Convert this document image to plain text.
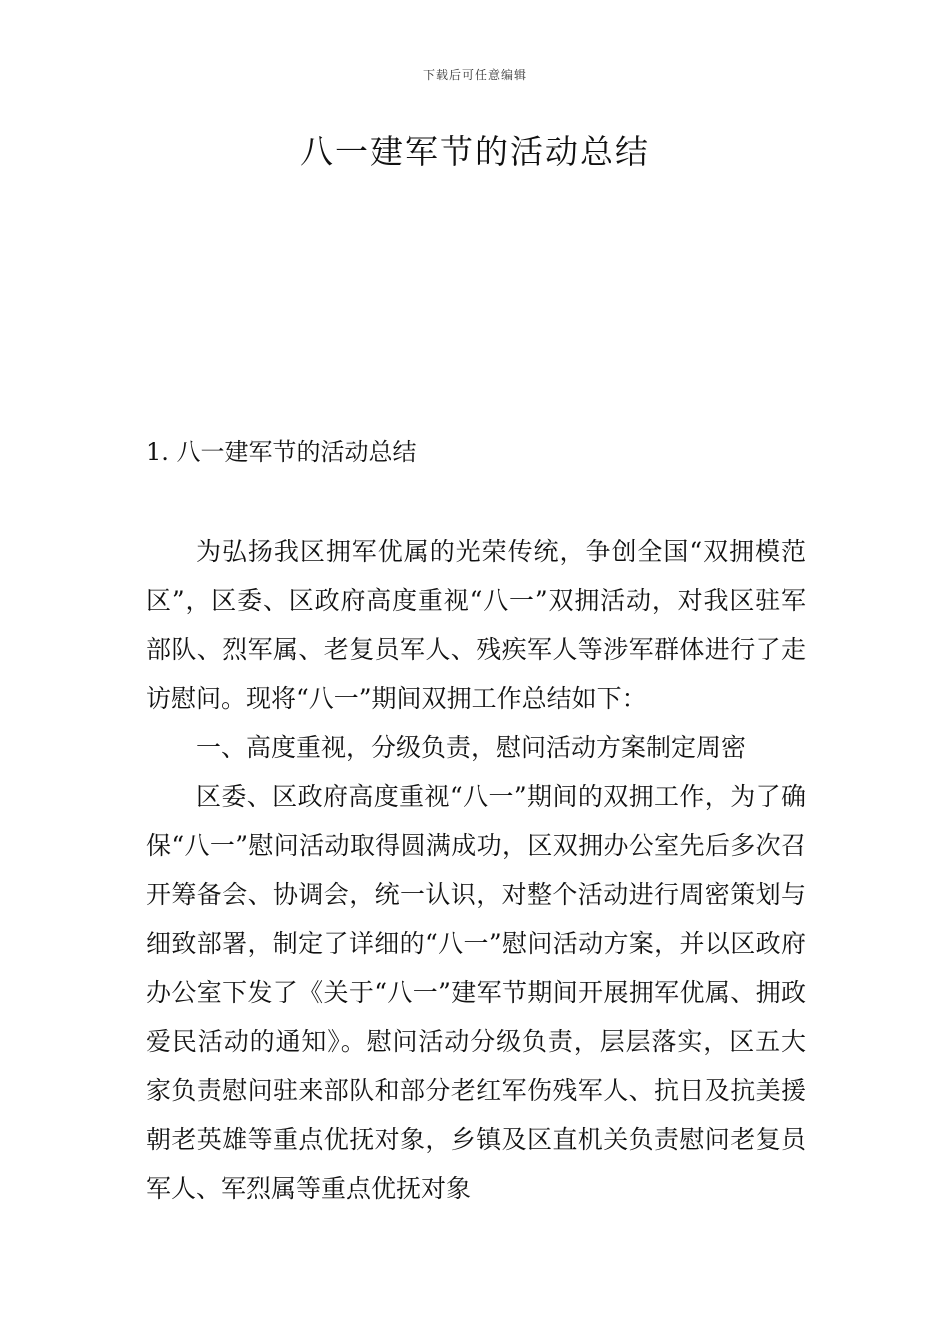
下载后可任意编辑
八一建军节的活动总结
1. 八一建军节的活动总结

为弘扬我区拥军优属的光荣传统，争创全国“双拥模范区”，区委、区政府高度重视“八一”双拥活动，对我区驻军部队、烈军属、老复员军人、残疾军人等涉军群体进行了走访慰问。现将“八一”期间双拥工作总结如下：

一、高度重视，分级负责，慰问活动方案制定周密

区委、区政府高度重视“八一”期间的双拥工作，为了确保“八一”慰问活动取得圆满成功，区双拥办公室先后多次召开筹备会、协调会，统一认识，对整个活动进行周密策划与细致部署，制定了详细的“八一”慰问活动方案，并以区政府办公室下发了《关于“八一”建军节期间开展拥军优属、拥政爱民活动的通知》。慰问活动分级负责，层层落实，区五大家负责慰问驻来部队和部分老红军伤残军人、抗日及抗美援朝老英雄等重点优抚对象，乡镇及区直机关负责慰问老复员军人、军烈属等重点优抚对象
